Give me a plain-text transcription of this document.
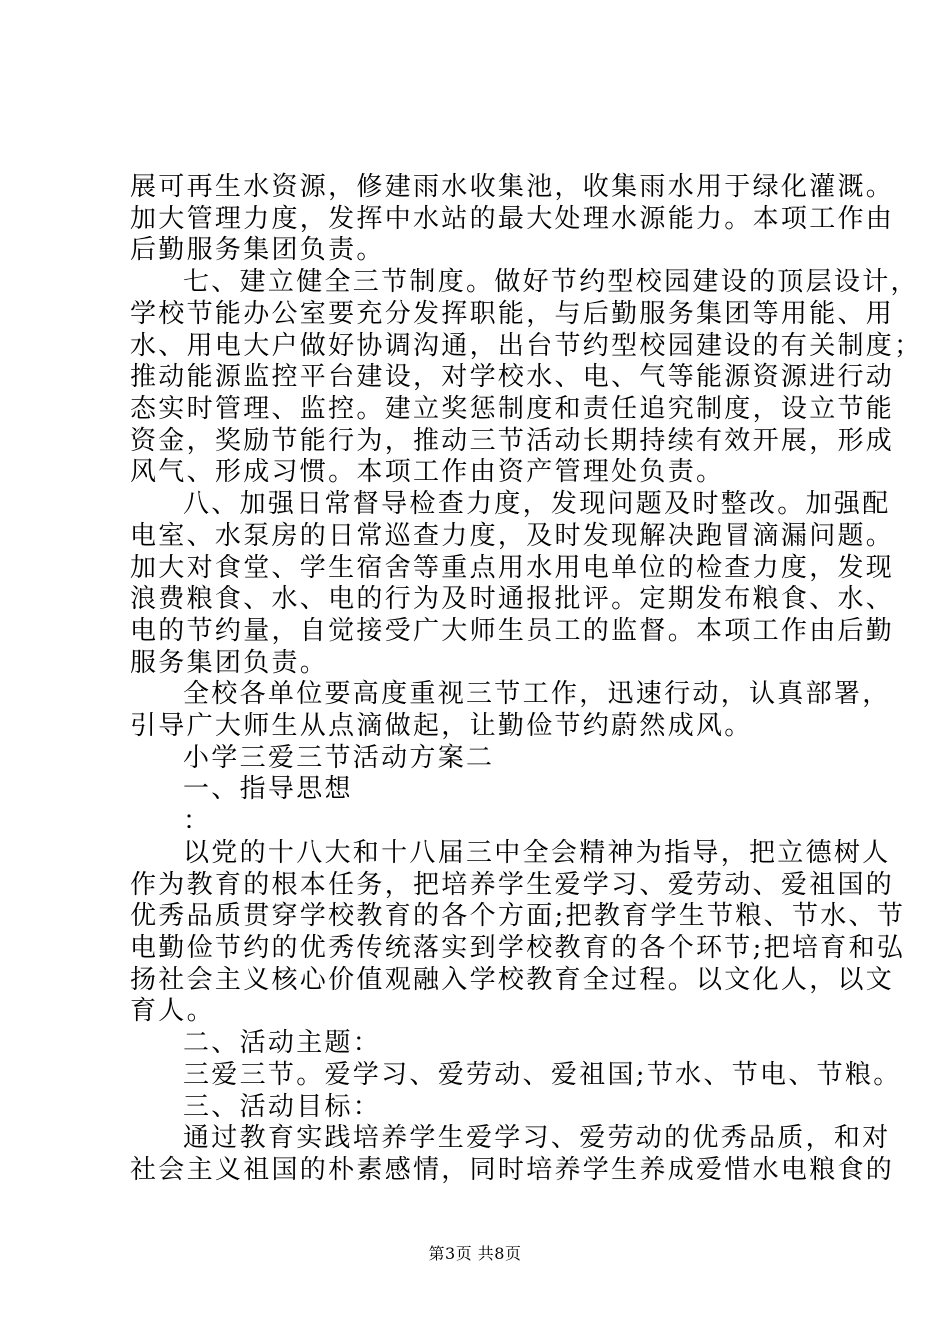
展可再生水资源，修建雨水收集池，收集雨水用于绿化灌溉。
加大管理力度，发挥中水站的最大处理水源能力。本项工作由
后勤服务集团负责。
七、建立健全三节制度。做好节约型校园建设的顶层设计，
学校节能办公室要充分发挥职能，与后勤服务集团等用能、用
水、用电大户做好协调沟通，出台节约型校园建设的有关制度；
推动能源监控平台建设，对学校水、电、气等能源资源进行动
态实时管理、监控。建立奖惩制度和责任追究制度，设立节能
资金，奖励节能行为，推动三节活动长期持续有效开展，形成
风气、形成习惯。本项工作由资产管理处负责。
八、加强日常督导检查力度，发现问题及时整改。加强配
电室、水泵房的日常巡查力度，及时发现解决跑冒滴漏问题。
加大对食堂、学生宿舍等重点用水用电单位的检查力度，发现
浪费粮食、水、电的行为及时通报批评。定期发布粮食、水、
电的节约量，自觉接受广大师生员工的监督。本项工作由后勤
服务集团负责。
全校各单位要高度重视三节工作，迅速行动，认真部署，
引导广大师生从点滴做起，让勤俭节约蔚然成风。
小学三爱三节活动方案二
一、指导思想
：
以党的十八大和十八届三中全会精神为指导，把立德树人
作为教育的根本任务，把培养学生爱学习、爱劳动、爱祖国的
优秀品质贯穿学校教育的各个方面;把教育学生节粮、节水、节
电勤俭节约的优秀传统落实到学校教育的各个环节;把培育和弘
扬社会主义核心价值观融入学校教育全过程。以文化人，以文
育人。
二、活动主题：
三爱三节。爱学习、爱劳动、爱祖国;节水、节电、节粮。
三、活动目标：
通过教育实践培养学生爱学习、爱劳动的优秀品质，和对
社会主义祖国的朴素感情，同时培养学生养成爱惜水电粮食的
第3页 共8页
